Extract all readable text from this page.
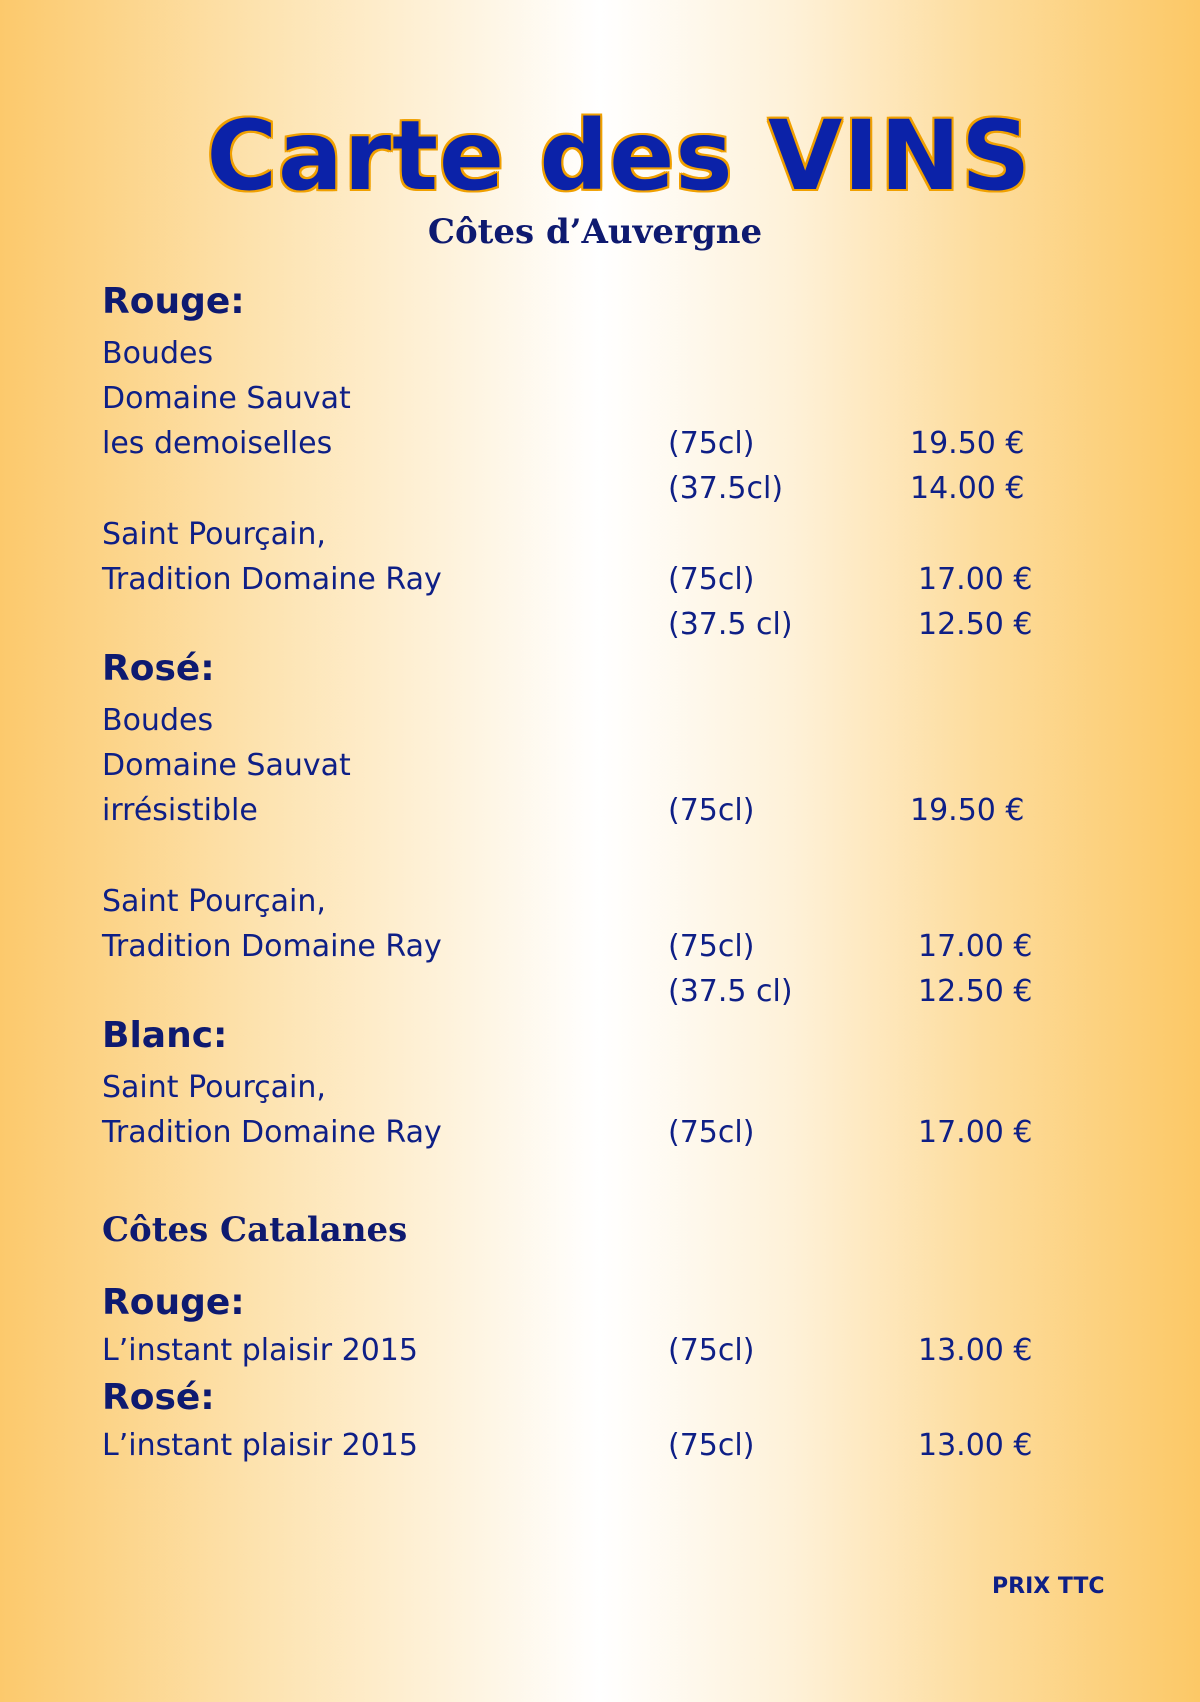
Carte des VINS
Côtes d’Auvergne
Rouge:
Boudes
Domaine Sauvat
les demoiselles	(75cl)	19.50 €
(37.5cl)	14.00 €
Saint Pourçain,
Tradition Domaine Ray	(75cl)	17.00 €
(37.5 cl)	12.50 €
Rosé:
Boudes
Domaine Sauvat
irrésistible	(75cl)	19.50 €
Saint Pourçain,
Tradition Domaine Ray	(75cl)	17.00 €
(37.5 cl)	12.50 €
Blanc:
Saint Pourçain,
Tradition Domaine Ray	(75cl)	17.00 €
Côtes Catalanes
Rouge:
L’instant plaisir 2015	(75cl)	13.00 €
Rosé:
L’instant plaisir 2015	(75cl)	13.00 €
PRIX TTC
